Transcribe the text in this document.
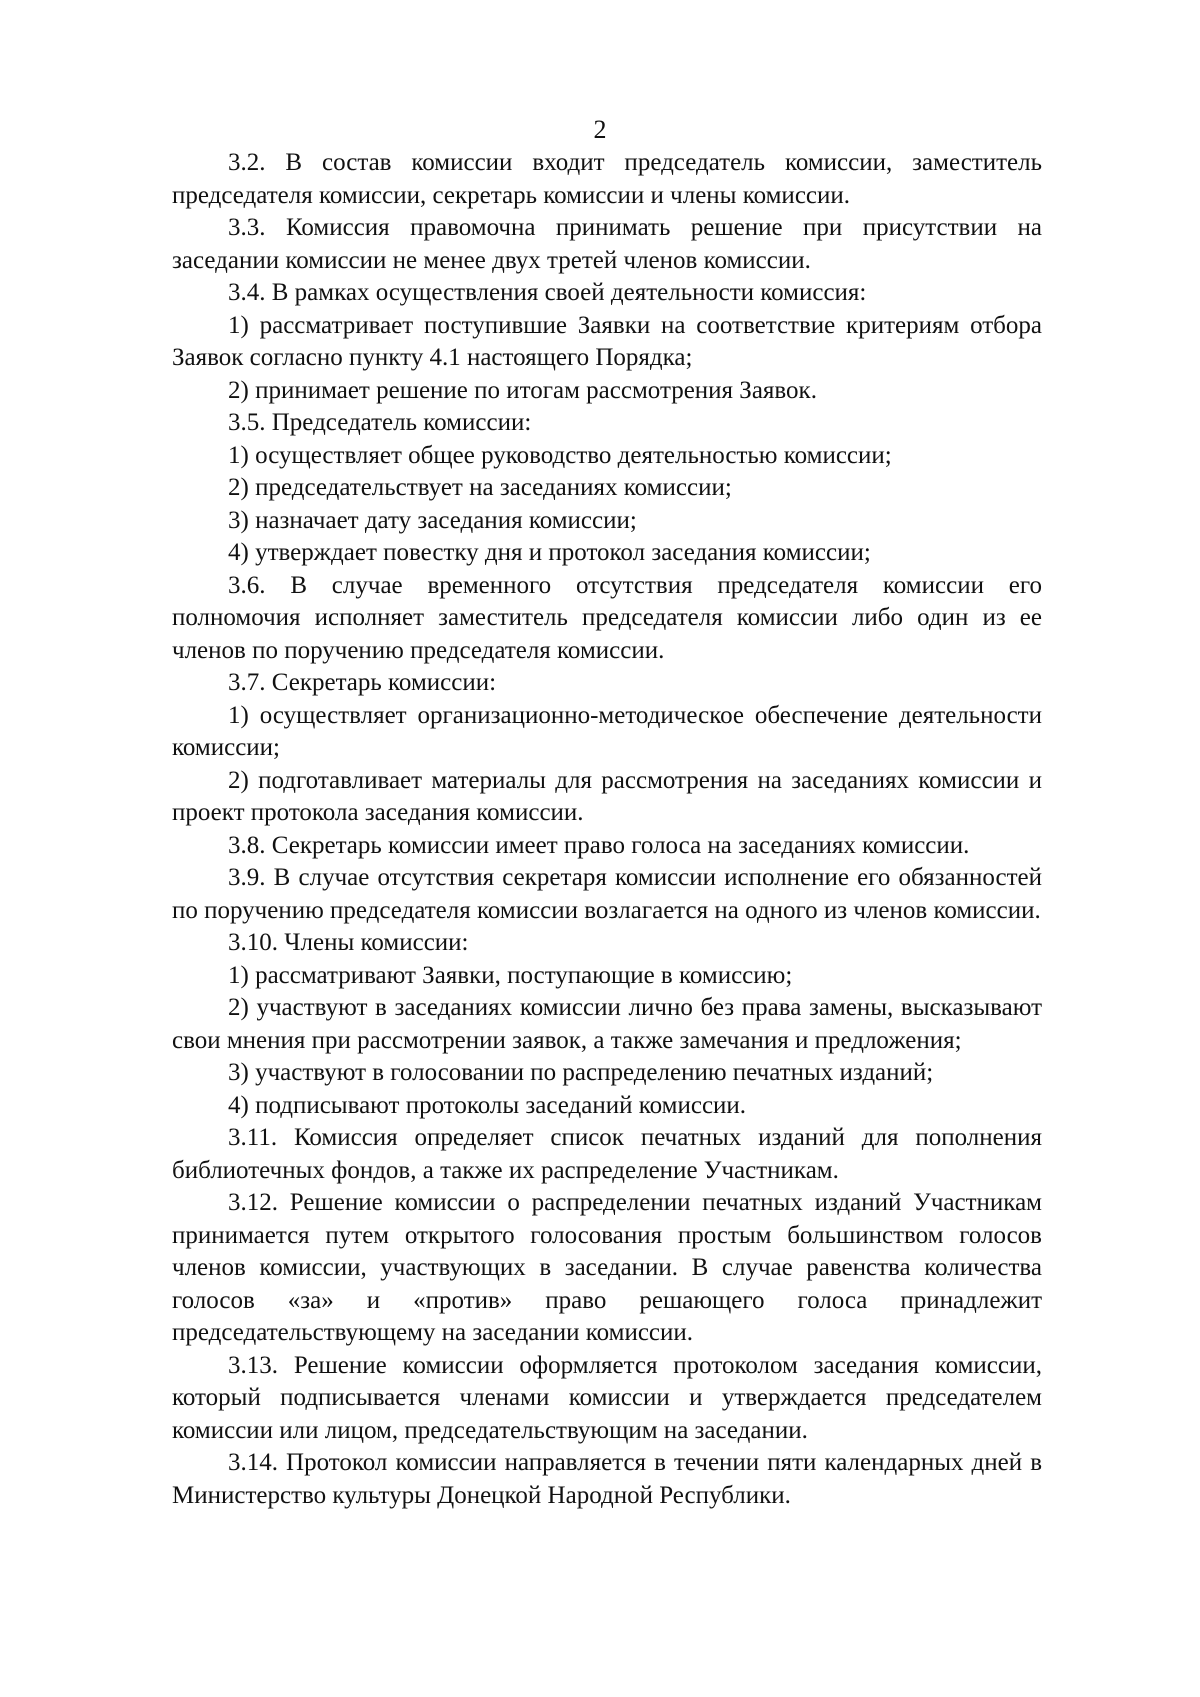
2

3.2. В состав комиссии входит председатель комиссии, заместитель председателя комиссии, секретарь комиссии и члены комиссии.

3.3. Комиссия правомочна принимать решение при присутствии на заседании комиссии не менее двух третей членов комиссии.

3.4. В рамках осуществления своей деятельности комиссия:

1) рассматривает поступившие Заявки на соответствие критериям отбора Заявок согласно пункту 4.1 настоящего Порядка;

2) принимает решение по итогам рассмотрения Заявок.

3.5. Председатель комиссии:

1) осуществляет общее руководство деятельностью комиссии;

2) председательствует на заседаниях комиссии;

3) назначает дату заседания комиссии;

4) утверждает повестку дня и протокол заседания комиссии;

3.6. В случае временного отсутствия председателя комиссии его полномочия исполняет заместитель председателя комиссии либо один из ее членов по поручению председателя комиссии.

3.7. Секретарь комиссии:

1) осуществляет организационно-методическое обеспечение деятельности комиссии;

2) подготавливает материалы для рассмотрения на заседаниях комиссии и проект протокола заседания комиссии.

3.8. Секретарь комиссии имеет право голоса на заседаниях комиссии.

3.9. В случае отсутствия секретаря комиссии исполнение его обязанностей по поручению председателя комиссии возлагается на одного из членов комиссии.

3.10. Члены комиссии:

1) рассматривают Заявки, поступающие в комиссию;

2) участвуют в заседаниях комиссии лично без права замены, высказывают свои мнения при рассмотрении заявок, а также замечания и предложения;

3) участвуют в голосовании по распределению печатных изданий;

4) подписывают протоколы заседаний комиссии.

3.11. Комиссия определяет список печатных изданий для пополнения библиотечных фондов, а также их распределение Участникам.

3.12. Решение комиссии о распределении печатных изданий Участникам принимается путем открытого голосования простым большинством голосов членов комиссии, участвующих в заседании. В случае равенства количества голосов «за» и «против» право решающего голоса принадлежит председательствующему на заседании комиссии.

3.13. Решение комиссии оформляется протоколом заседания комиссии, который подписывается членами комиссии и утверждается председателем комиссии или лицом, председательствующим на заседании.

3.14. Протокол комиссии направляется в течении пяти календарных дней в Министерство культуры Донецкой Народной Республики.
